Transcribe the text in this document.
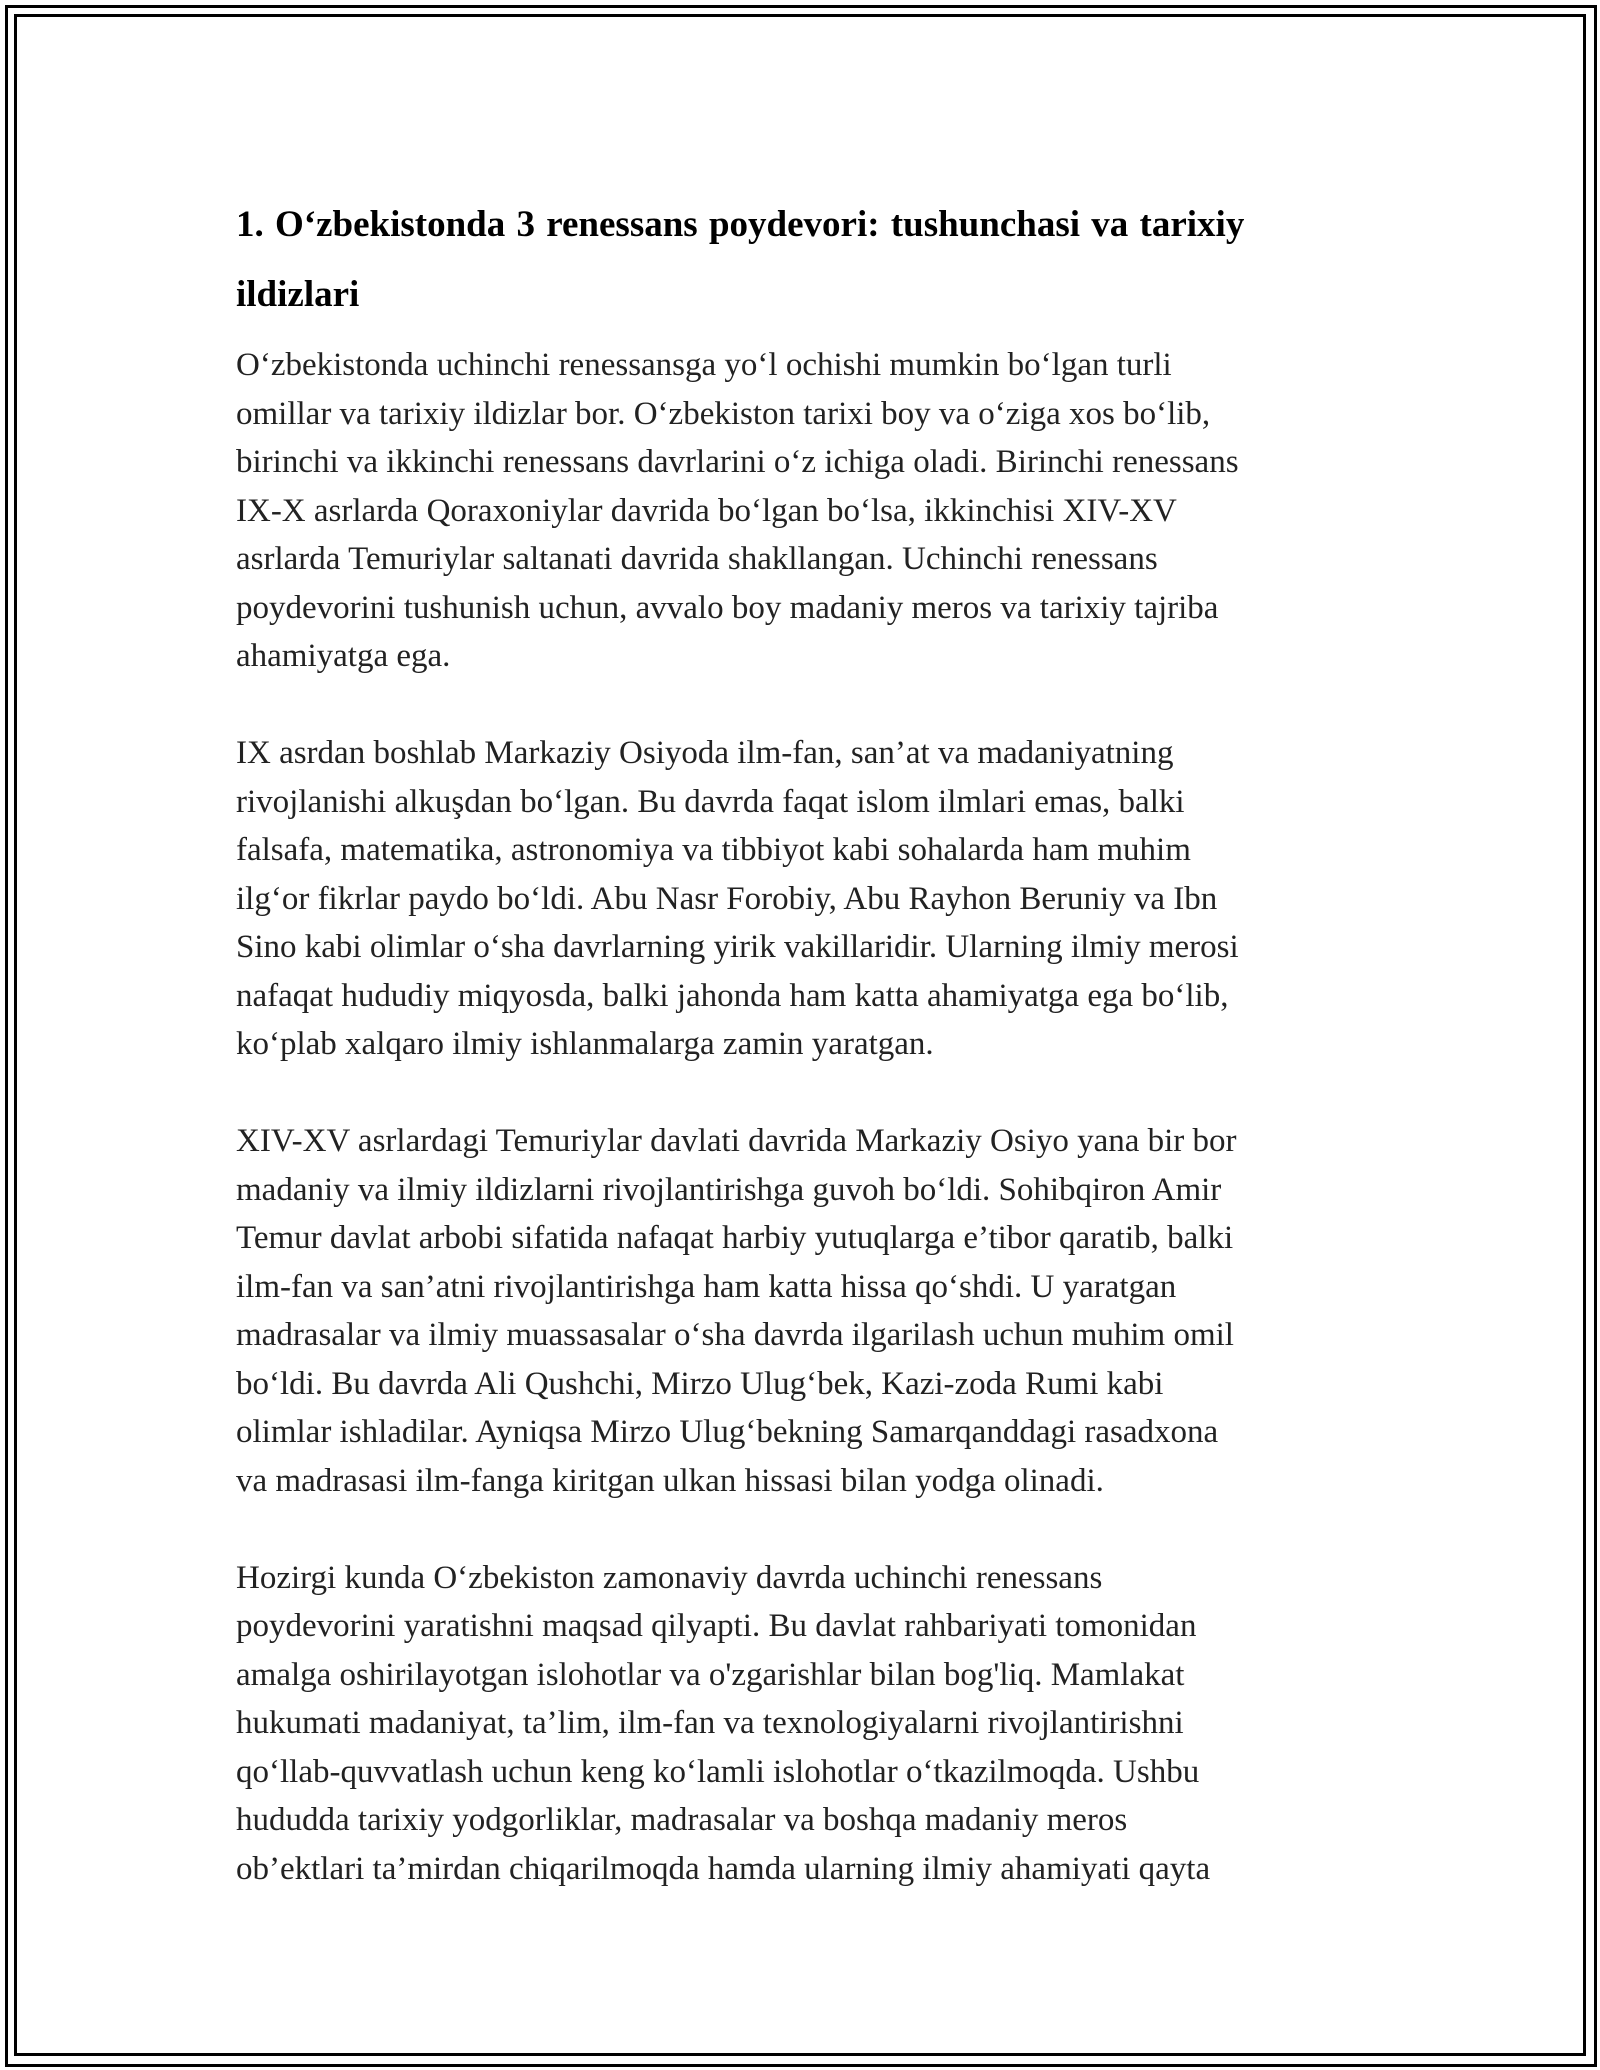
1. O‘zbekistonda 3 renessans poydevori: tushunchasi va tarixiy
ildizlari

O‘zbekistonda uchinchi renessansga yo‘l ochishi mumkin bo‘lgan turli
omillar va tarixiy ildizlar bor. O‘zbekiston tarixi boy va o‘ziga xos bo‘lib,
birinchi va ikkinchi renessans davrlarini o‘z ichiga oladi. Birinchi renessans
IX-X asrlarda Qoraxoniylar davrida bo‘lgan bo‘lsa, ikkinchisi XIV-XV
asrlarda Temuriylar saltanati davrida shakllangan. Uchinchi renessans
poydevorini tushunish uchun, avvalo boy madaniy meros va tarixiy tajriba
ahamiyatga ega.

IX asrdan boshlab Markaziy Osiyoda ilm-fan, san’at va madaniyatning
rivojlanishi alkuşdan bo‘lgan. Bu davrda faqat islom ilmlari emas, balki
falsafa, matematika, astronomiya va tibbiyot kabi sohalarda ham muhim
ilg‘or fikrlar paydo bo‘ldi. Abu Nasr Forobiy, Abu Rayhon Beruniy va Ibn
Sino kabi olimlar o‘sha davrlarning yirik vakillaridir. Ularning ilmiy merosi
nafaqat hududiy miqyosda, balki jahonda ham katta ahamiyatga ega bo‘lib,
ko‘plab xalqaro ilmiy ishlanmalarga zamin yaratgan.

XIV-XV asrlardagi Temuriylar davlati davrida Markaziy Osiyo yana bir bor
madaniy va ilmiy ildizlarni rivojlantirishga guvoh bo‘ldi. Sohibqiron Amir
Temur davlat arbobi sifatida nafaqat harbiy yutuqlarga e’tibor qaratib, balki
ilm-fan va san’atni rivojlantirishga ham katta hissa qo‘shdi. U yaratgan
madrasalar va ilmiy muassasalar o‘sha davrda ilgarilash uchun muhim omil
bo‘ldi. Bu davrda Ali Qushchi, Mirzo Ulug‘bek, Kazi-zoda Rumi kabi
olimlar ishladilar. Ayniqsa Mirzo Ulug‘bekning Samarqanddagi rasadxona
va madrasasi ilm-fanga kiritgan ulkan hissasi bilan yodga olinadi.

Hozirgi kunda O‘zbekiston zamonaviy davrda uchinchi renessans
poydevorini yaratishni maqsad qilyapti. Bu davlat rahbariyati tomonidan
amalga oshirilayotgan islohotlar va o'zgarishlar bilan bog'liq. Mamlakat
hukumati madaniyat, ta’lim, ilm-fan va texnologiyalarni rivojlantirishni
qo‘llab-quvvatlash uchun keng ko‘lamli islohotlar o‘tkazilmoqda. Ushbu
hududda tarixiy yodgorliklar, madrasalar va boshqa madaniy meros
ob’ektlari ta’mirdan chiqarilmoqda hamda ularning ilmiy ahamiyati qayta
